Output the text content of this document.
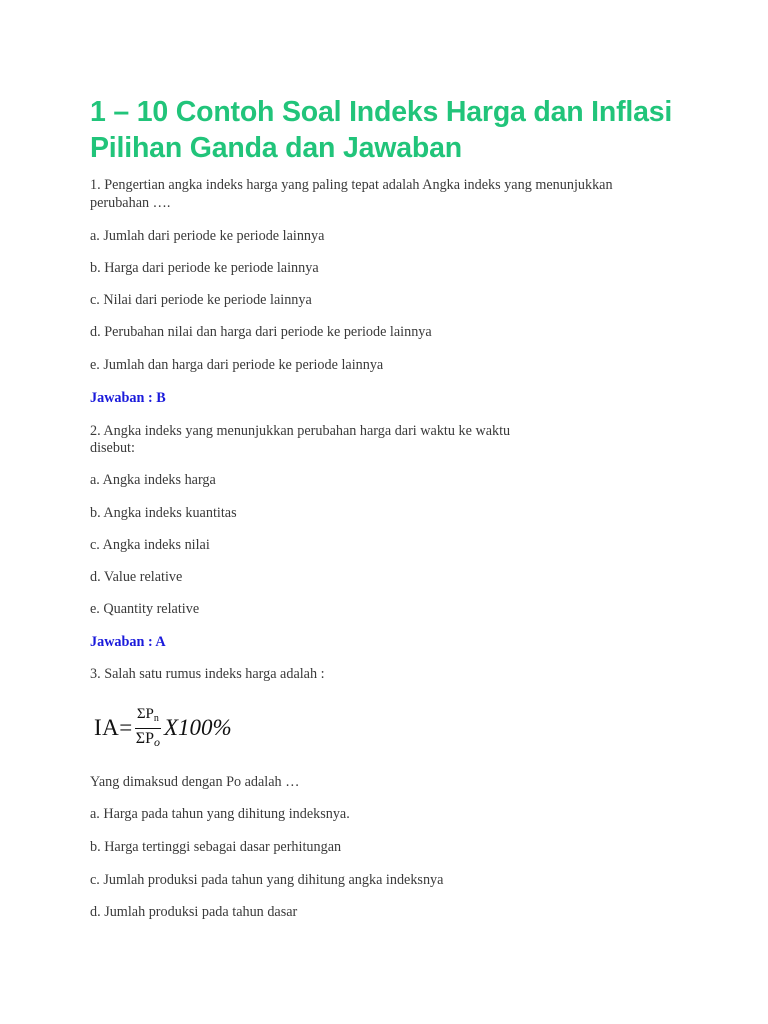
1 – 10 Contoh Soal Indeks Harga dan Inflasi
Pilihan Ganda dan Jawaban
1. Pengertian angka indeks harga yang paling tepat adalah Angka indeks yang menunjukkan
perubahan ….
a. Jumlah dari periode ke periode lainnya
b. Harga dari periode ke periode lainnya
c. Nilai dari periode ke periode lainnya
d. Perubahan nilai dan harga dari periode ke periode lainnya
e. Jumlah dan harga dari periode ke periode lainnya
Jawaban : B
2. Angka indeks yang menunjukkan perubahan harga dari waktu ke waktu
disebut:
a. Angka indeks harga
b. Angka indeks kuantitas
c. Angka indeks nilai
d. Value relative
e. Quantity relative
Jawaban : A
3. Salah satu rumus indeks harga adalah :
$IA= \frac{\Sigma P_n}{\Sigma P_o} X100\%$
Yang dimaksud dengan Po adalah …
a. Harga pada tahun yang dihitung indeksnya.
b. Harga tertinggi sebagai dasar perhitungan
c. Jumlah produksi pada tahun yang dihitung angka indeksnya
d. Jumlah produksi pada tahun dasar
